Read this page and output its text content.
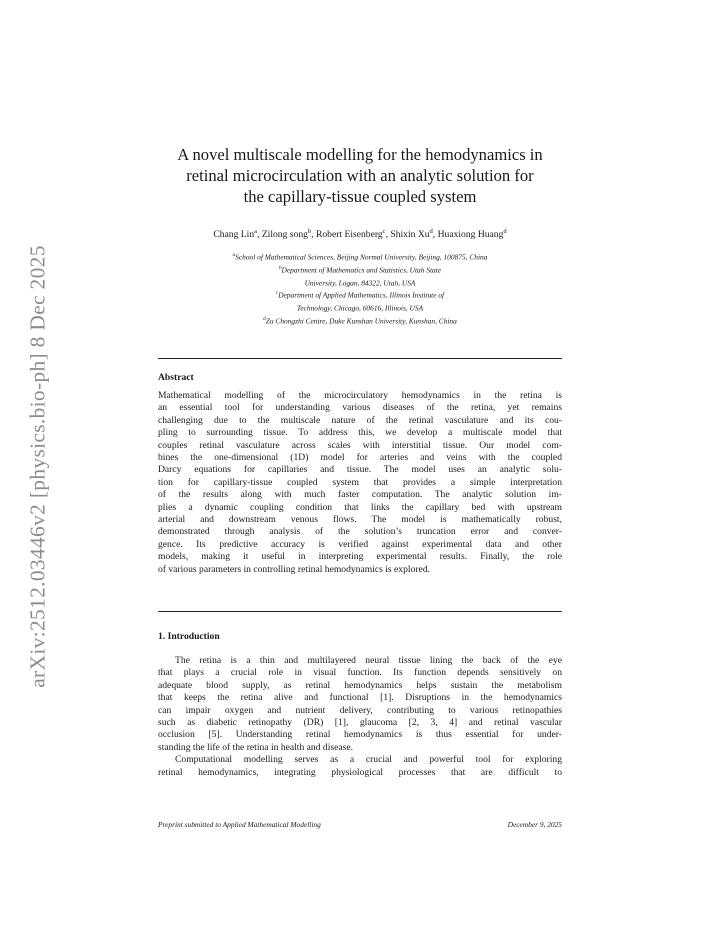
arXiv:2512.03446v2 [physics.bio-ph] 8 Dec 2025
A novel multiscale modelling for the hemodynamics in
retinal microcirculation with an analytic solution for
the capillary-tissue coupled system
Chang Lin$^a$, Zilong song$^b$, Robert Eisenberg$^c$, Shixin Xu$^d$, Huaxiong Huang$^d$
$^a$School of Mathematical Sciences, Beijing Normal University, Beijing, 100875, China
$^b$Department of Mathematics and Statistics, Utah State
University, Logan, 84322, Utah, USA
$^c$Department of Applied Mathematics, Illinois Institute of
Technology, Chicago, 60616, Illinois, USA
$^d$Zu Chongzhi Centre, Duke Kunshan University, Kunshan, China
Abstract
Mathematical modelling of the microcirculatory hemodynamics in the retina is
an essential tool for understanding various diseases of the retina, yet remains
challenging due to the multiscale nature of the retinal vasculature and its cou-
pling to surrounding tissue. To address this, we develop a multiscale model that
couples retinal vasculature across scales with interstitial tissue. Our model com-
bines the one-dimensional (1D) model for arteries and veins with the coupled
Darcy equations for capillaries and tissue. The model uses an analytic solu-
tion for capillary-tissue coupled system that provides a simple interpretation
of the results along with much faster computation. The analytic solution im-
plies a dynamic coupling condition that links the capillary bed with upstream
arterial and downstream venous flows. The model is mathematically robust,
demonstrated through analysis of the solution’s truncation error and conver-
gence. Its predictive accuracy is verified against experimental data and other
models, making it useful in interpreting experimental results. Finally, the role
of various parameters in controlling retinal hemodynamics is explored.
1. Introduction
The retina is a thin and multilayered neural tissue lining the back of the eye
that plays a crucial role in visual function. Its function depends sensitively on
adequate blood supply, as retinal hemodynamics helps sustain the metabolism
that keeps the retina alive and functional [1]. Disruptions in the hemodynamics
can impair oxygen and nutrient delivery, contributing to various retinopathies
such as diabetic retinopathy (DR) [1], glaucoma [2, 3, 4] and retinal vascular
occlusion [5]. Understanding retinal hemodynamics is thus essential for under-
standing the life of the retina in health and disease.
Computational modelling serves as a crucial and powerful tool for exploring
retinal hemodynamics, integrating physiological processes that are difficult to
Preprint submitted to Applied Mathematical Modelling	December 9, 2025
